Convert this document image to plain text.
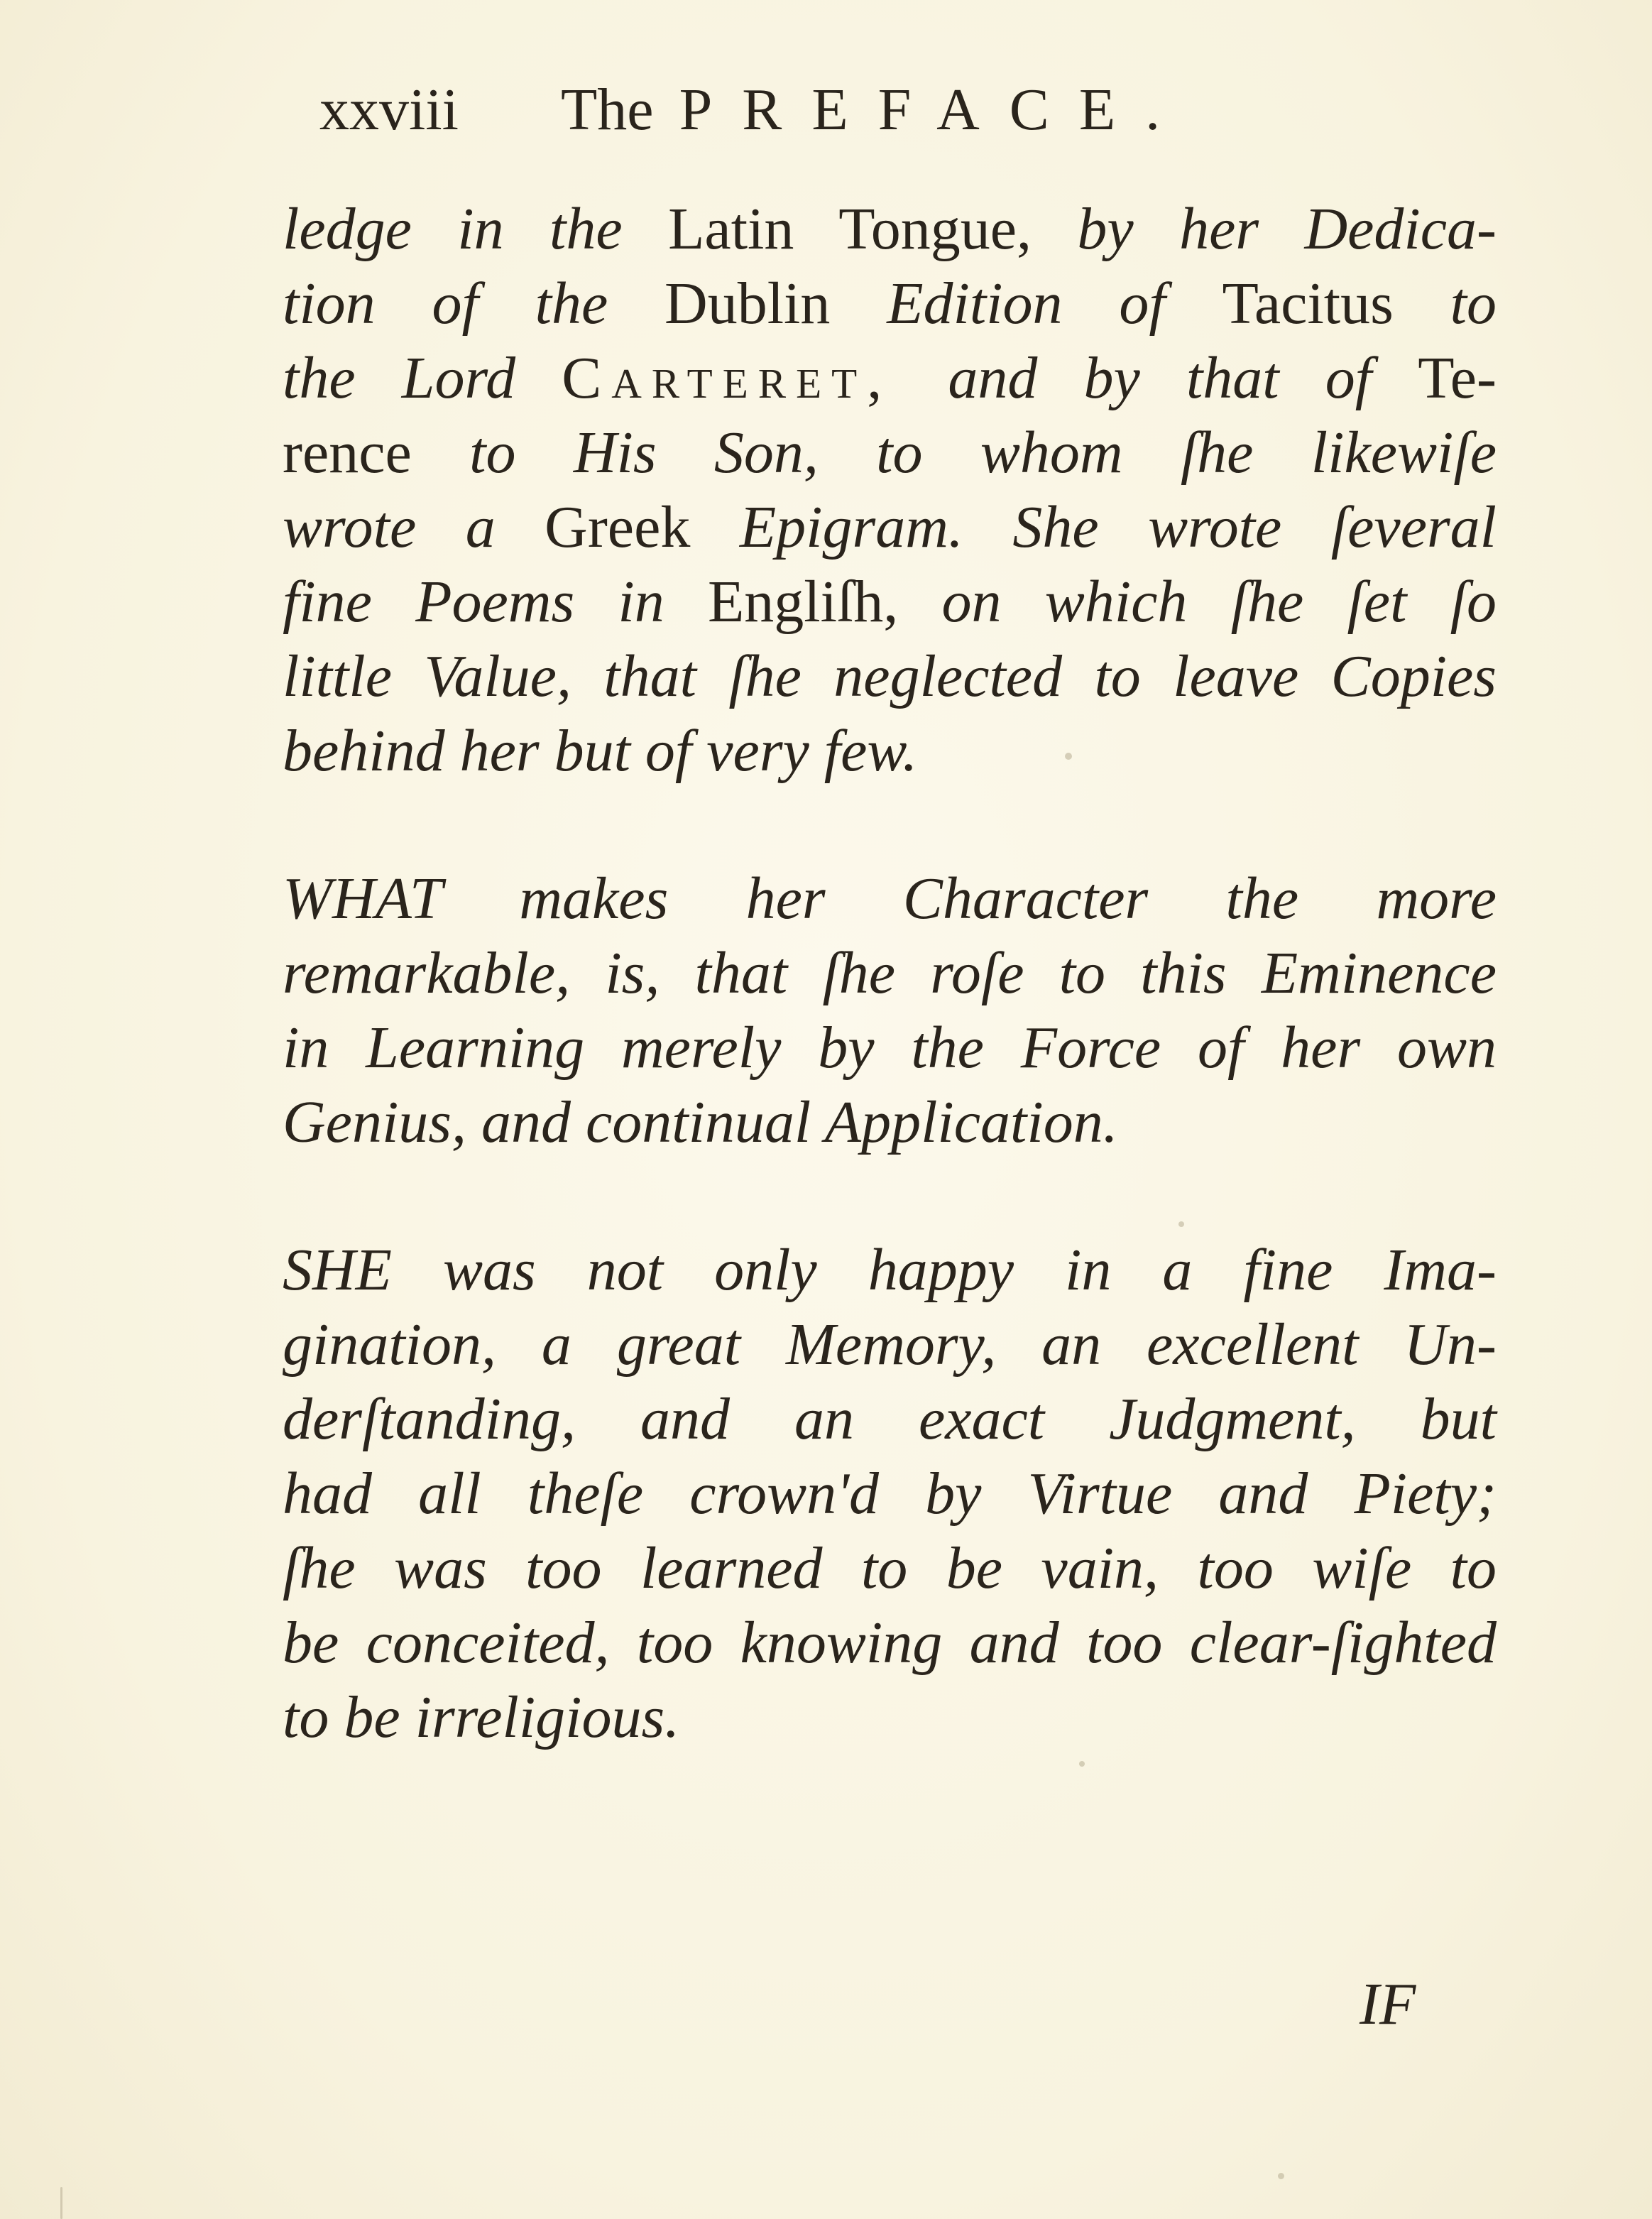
xxviii The PREFACE.
ledge in the Latin Tongue, by her Dedica-
tion of the Dublin Edition of Tacitus to
the Lord Carteret, and by that of Te-
rence to His Son, to whom ſhe likewiſe
wrote a Greek Epigram. She wrote ſeveral
fine Poems in Engliſh, on which ſhe ſet ſo
little Value, that ſhe neglected to leave Copies
behind her but of very few.
WHAT makes her Character the more
remarkable, is, that ſhe roſe to this Eminence
in Learning merely by the Force of her own
Genius, and continual Application.
SHE was not only happy in a fine Ima-
gination, a great Memory, an excellent Un-
derſtanding, and an exact Judgment, but
had all theſe crown'd by Virtue and Piety;
ſhe was too learned to be vain, too wiſe to
be conceited, too knowing and too clear-ſighted
to be irreligious.
IF
